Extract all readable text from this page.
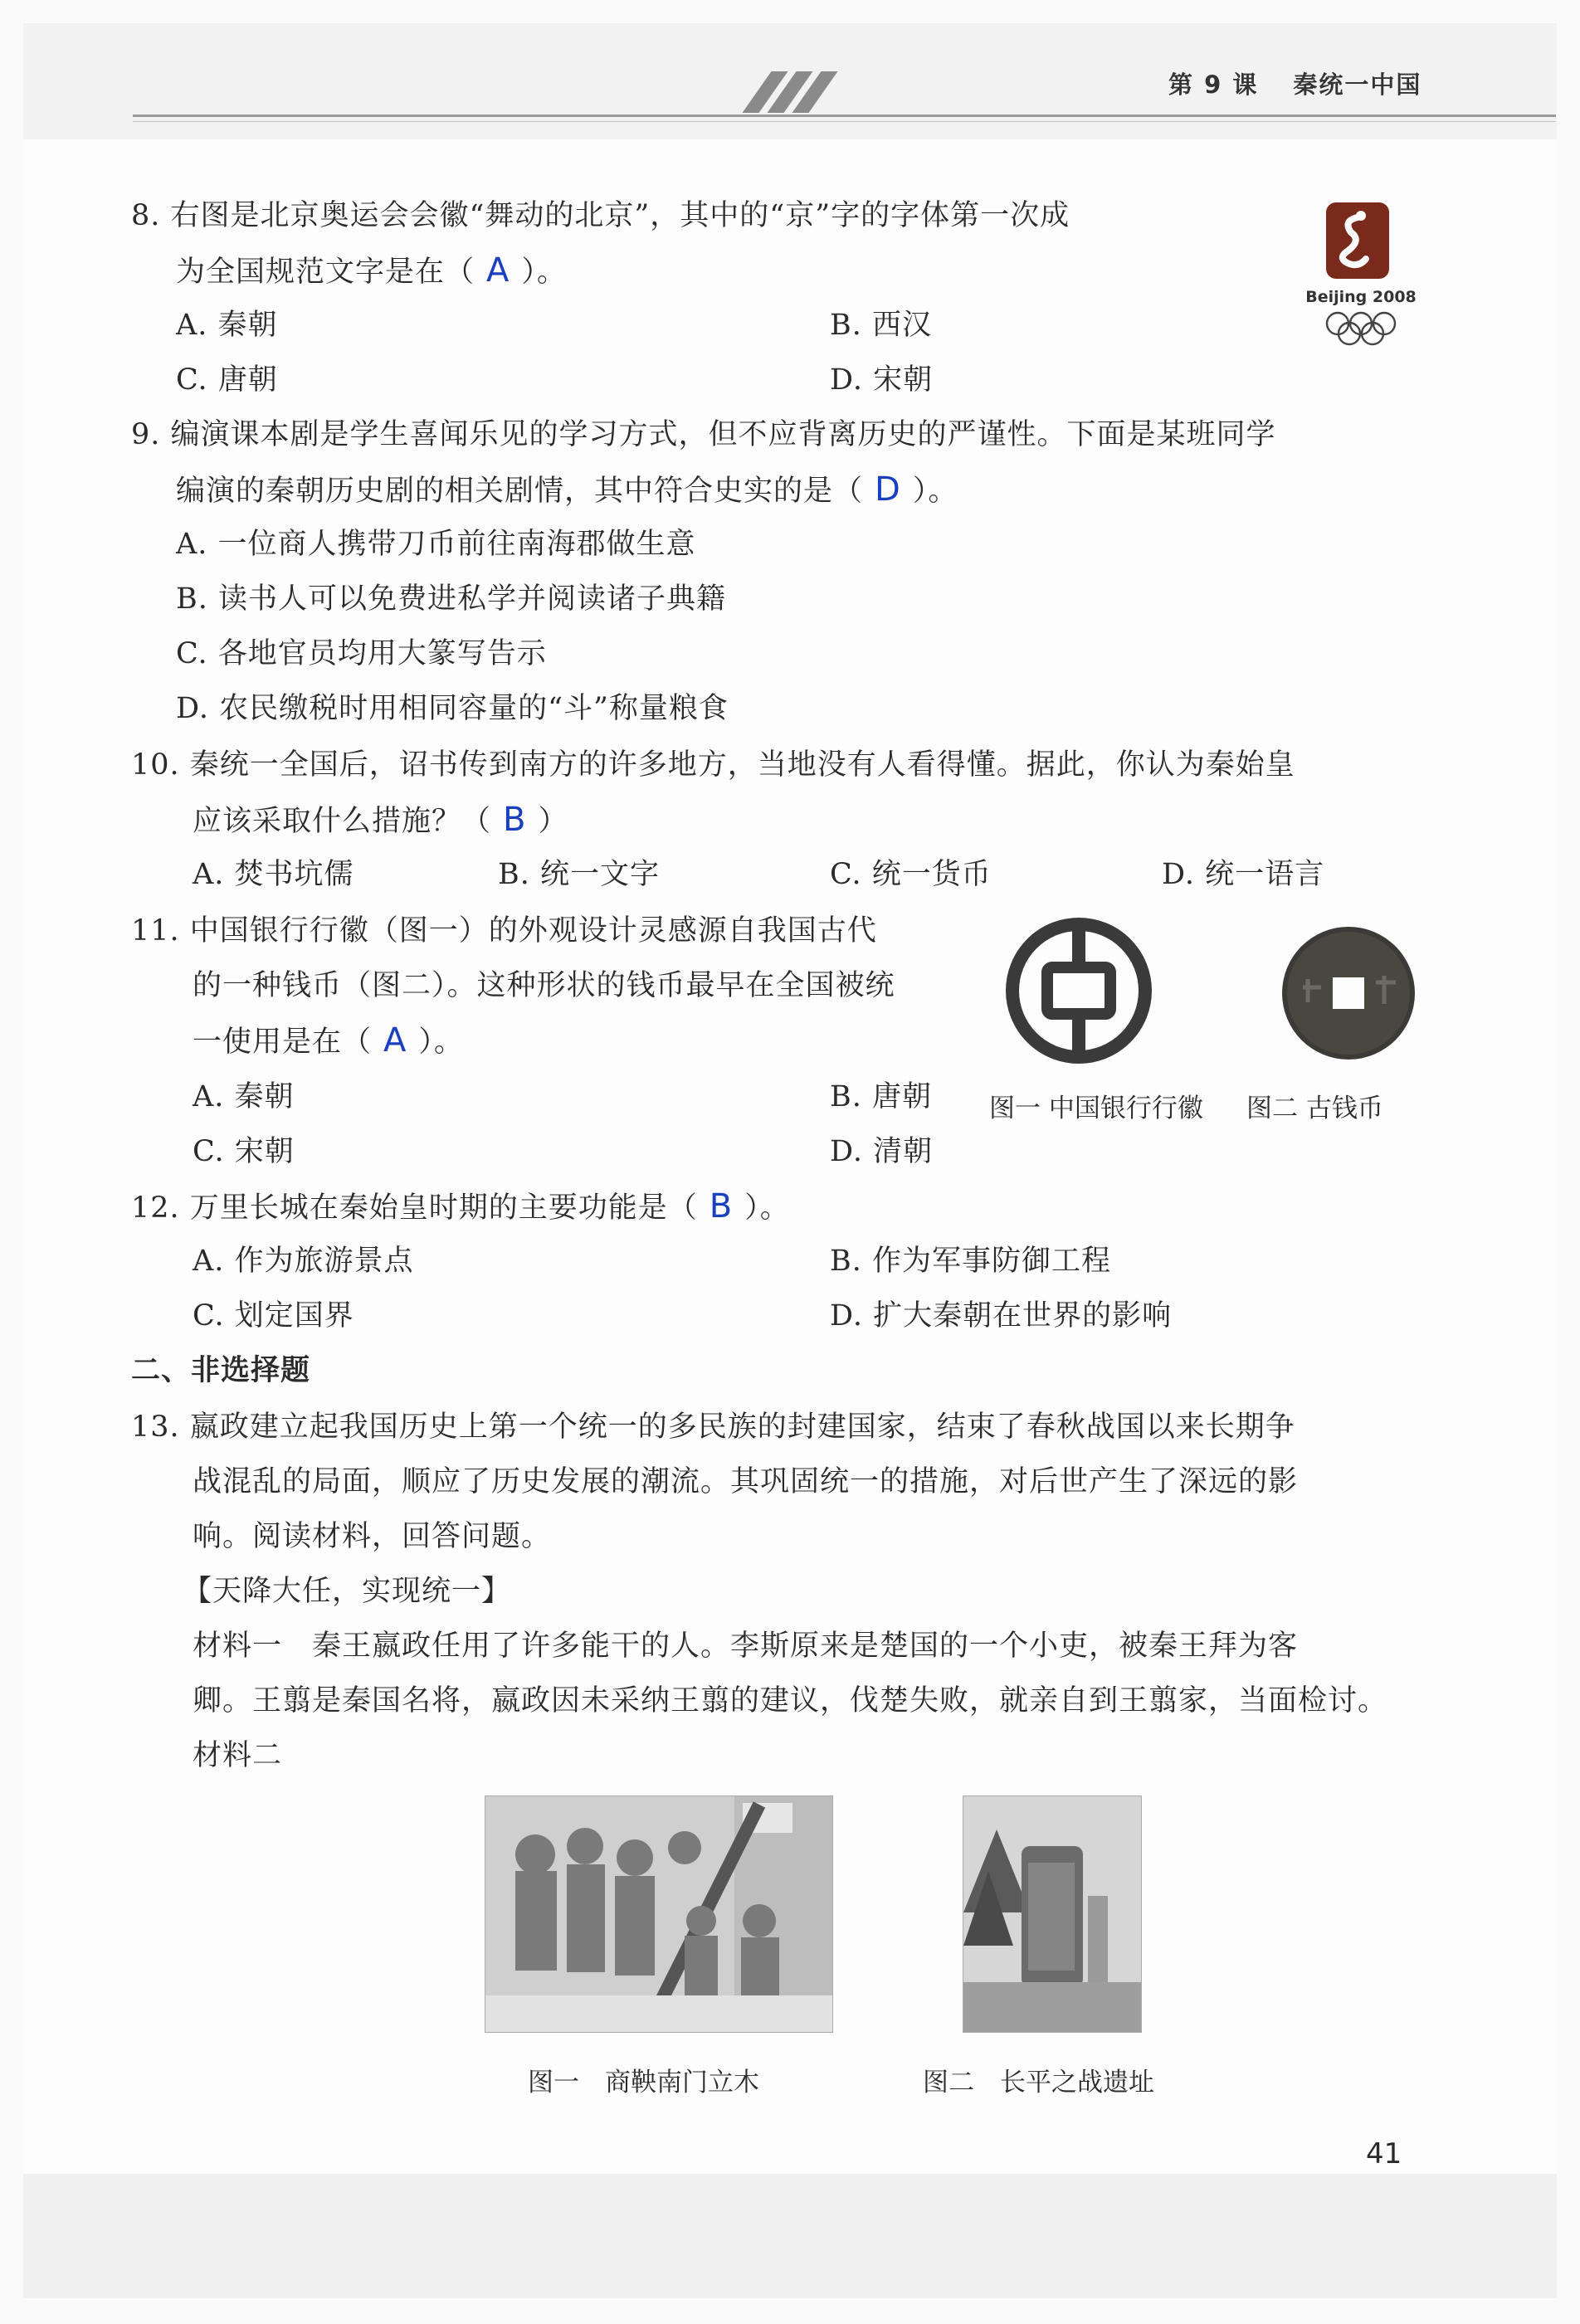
第 9 课 秦统一中国
8. 右图是北京奥运会会徽“舞动的北京”，其中的“京”字的字体第一次成
为全国规范文字是在（ A ）。
A. 秦朝	B. 西汉
C. 唐朝	D. 宋朝
Beijing 2008
9. 编演课本剧是学生喜闻乐见的学习方式，但不应背离历史的严谨性。下面是某班同学
编演的秦朝历史剧的相关剧情，其中符合史实的是（ D ）。
A. 一位商人携带刀币前往南海郡做生意
B. 读书人可以免费进私学并阅读诸子典籍
C. 各地官员均用大篆写告示
D. 农民缴税时用相同容量的“斗”称量粮食
10. 秦统一全国后，诏书传到南方的许多地方，当地没有人看得懂。据此，你认为秦始皇
应该采取什么措施？（ B ）
A. 焚书坑儒	B. 统一文字	C. 统一货币	D. 统一语言
11. 中国银行行徽（图一）的外观设计灵感源自我国古代
的一种钱币（图二）。这种形状的钱币最早在全国被统
一使用是在（ A ）。
A. 秦朝	B. 唐朝
C. 宋朝	D. 清朝
图一 中国银行行徽 图二 古钱币
12. 万里长城在秦始皇时期的主要功能是（ B ）。
A. 作为旅游景点	B. 作为军事防御工程
C. 划定国界	D. 扩大秦朝在世界的影响
二、非选择题
13. 嬴政建立起我国历史上第一个统一的多民族的封建国家，结束了春秋战国以来长期争
战混乱的局面，顺应了历史发展的潮流。其巩固统一的措施，对后世产生了深远的影
响。阅读材料，回答问题。
【天降大任，实现统一】
材料一　秦王嬴政任用了许多能干的人。李斯原来是楚国的一个小吏，被秦王拜为客
卿。王翦是秦国名将，嬴政因未采纳王翦的建议，伐楚失败，就亲自到王翦家，当面检讨。
材料二
图一　商鞅南门立木	图二　长平之战遗址
41
